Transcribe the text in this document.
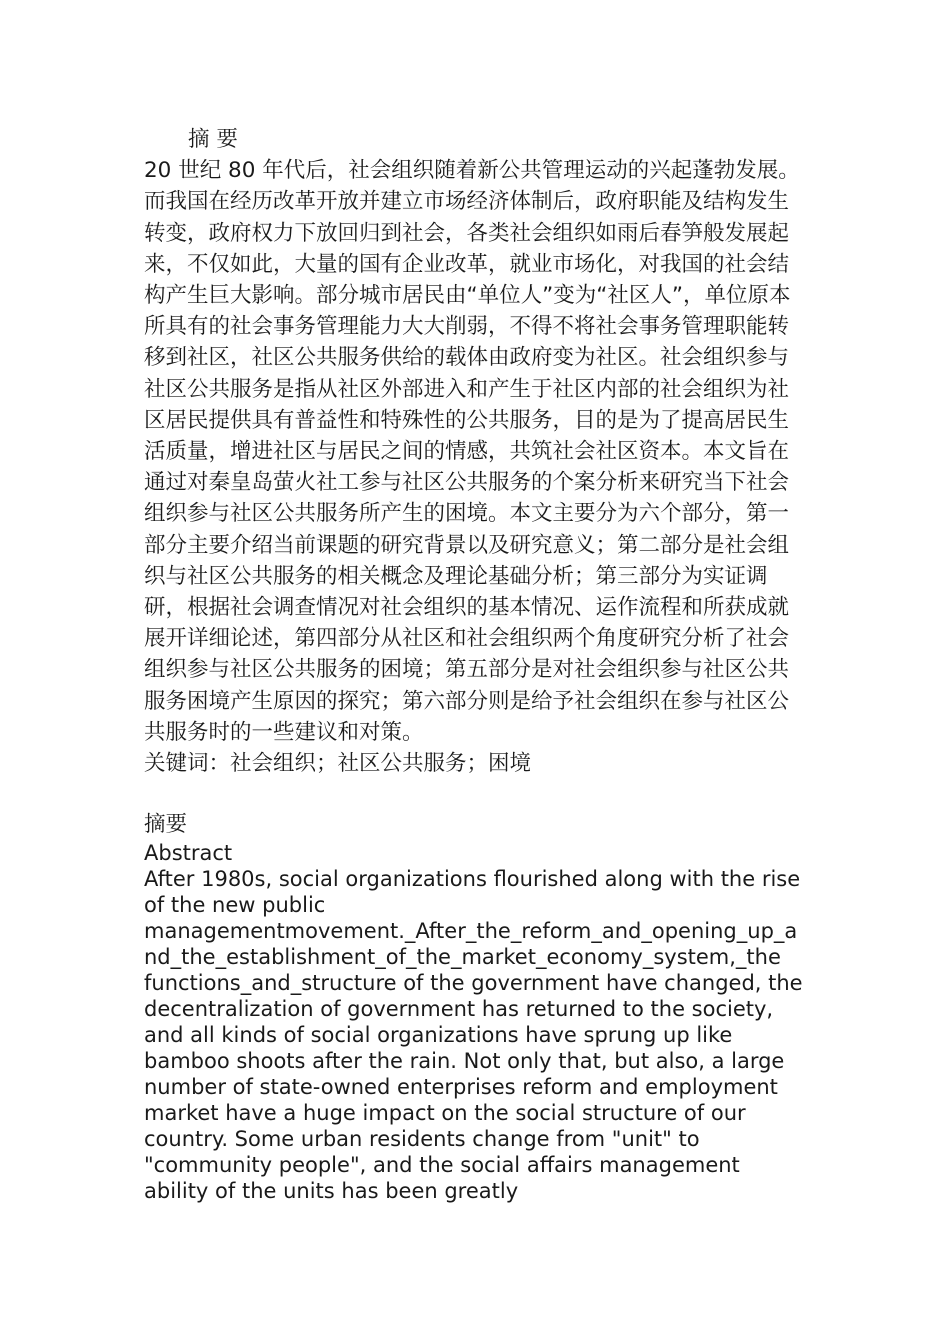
摘 要

20 世纪 80 年代后，社会组织随着新公共管理运动的兴起蓬勃发展。而我国在经历改革开放并建立市场经济体制后，政府职能及结构发生转变，政府权力下放回归到社会，各类社会组织如雨后春笋般发展起来，不仅如此，大量的国有企业改革，就业市场化，对我国的社会结构产生巨大影响。部分城市居民由“单位人”变为“社区人”，单位原本所具有的社会事务管理能力大大削弱，不得不将社会事务管理职能转移到社区，社区公共服务供给的载体由政府变为社区。社会组织参与社区公共服务是指从社区外部进入和产生于社区内部的社会组织为社区居民提供具有普益性和特殊性的公共服务，目的是为了提高居民生活质量，增进社区与居民之间的情感，共筑社会社区资本。本文旨在通过对秦皇岛萤火社工参与社区公共服务的个案分析来研究当下社会组织参与社区公共服务所产生的困境。本文主要分为六个部分，第一部分主要介绍当前课题的研究背景以及研究意义；第二部分是社会组织与社区公共服务的相关概念及理论基础分析；第三部分为实证调研，根据社会调查情况对社会组织的基本情况、运作流程和所获成就展开详细论述，第四部分从社区和社会组织两个角度研究分析了社会组织参与社区公共服务的困境；第五部分是对社会组织参与社区公共服务困境产生原因的探究；第六部分则是给予社会组织在参与社区公共服务时的一些建议和对策。

关键词：社会组织；社区公共服务；困境

摘要

Abstract

After 1980s, social organizations flourished along with the rise of the new public

managementmovement._After_the_reform_and_opening_up_and_the_establishment_of_the_market_economy_system,_the functions_and_structure of the government have changed, the decentralization of government has returned to the society, and all kinds of social organizations have sprung up like bamboo shoots after the rain. Not only that, but also, a large number of state-owned enterprises reform and employment market have a huge impact on the social structure of our country. Some urban residents change from "unit" to "community people", and the social affairs management ability of the units has been greatly
